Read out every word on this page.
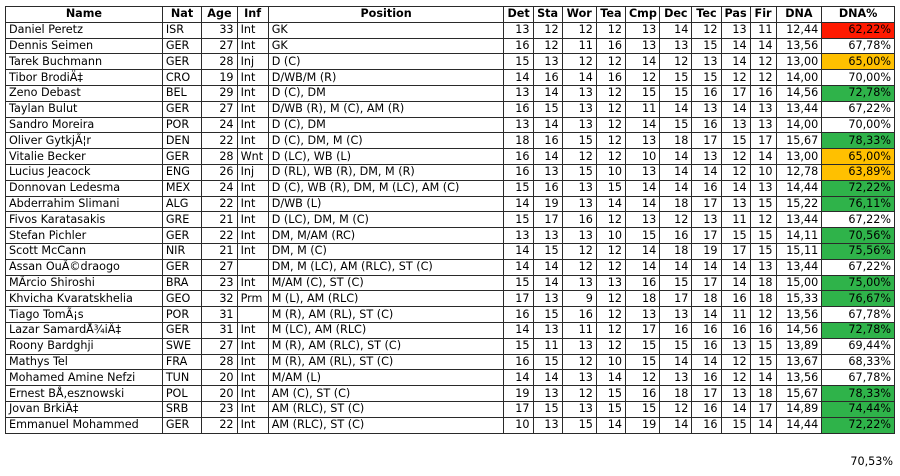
Name	Nat	Age	Inf	Position	Det	Sta	Wor	Tea	Cmp	Dec	Tec	Pas	Fir	DNA	DNA%
Daniel Peretz	ISR	33	Int	GK	13	12	12	12	13	14	12	13	11	12,44	62,22%
Dennis Seimen	GER	27	Int	GK	16	12	11	16	13	13	15	14	14	13,56	67,78%
Tarek Buchmann	GER	28	Inj	D (C)	15	13	12	12	14	12	13	14	12	13,00	65,00%
Tibor BrodiÄ‡	CRO	19	Int	D/WB/M (R)	14	16	14	16	12	15	15	12	12	14,00	70,00%
Zeno Debast	BEL	29	Int	D (C), DM	13	14	13	12	15	15	16	17	16	14,56	72,78%
Taylan Bulut	GER	27	Int	D/WB (R), M (C), AM (R)	16	15	13	12	11	14	13	14	13	13,44	67,22%
Sandro Moreira	POR	24	Int	D (C), DM	13	14	13	12	14	15	16	13	13	14,00	70,00%
Oliver GytkjÃ¦r	DEN	22	Int	D (C), DM, M (C)	18	16	15	12	13	18	17	15	17	15,67	78,33%
Vitalie Becker	GER	28	Wnt	D (LC), WB (L)	16	14	12	12	10	14	13	12	14	13,00	65,00%
Lucius Jeacock	ENG	26	Inj	D (RL), WB (R), DM, M (R)	16	13	15	10	13	14	14	12	10	12,78	63,89%
Donnovan Ledesma	MEX	24	Int	D (C), WB (R), DM, M (LC), AM (C)	15	16	13	15	14	14	16	14	13	14,44	72,22%
Abderrahim Slimani	ALG	22	Int	D/WB (L)	14	19	13	14	14	18	17	13	15	15,22	76,11%
Fivos Karatasakis	GRE	21	Int	D (LC), DM, M (C)	15	17	16	12	13	12	13	11	12	13,44	67,22%
Stefan Pichler	GER	22	Int	DM, M/AM (RC)	13	13	13	10	15	16	17	15	15	14,11	70,56%
Scott McCann	NIR	21	Int	DM, M (C)	14	15	12	12	14	18	19	17	15	15,11	75,56%
Assan OuÃ©draogo	GER	27		DM, M (LC), AM (RLC), ST (C)	14	14	12	12	14	14	14	14	13	13,44	67,22%
MÃrcio Shiroshi	BRA	23	Int	M/AM (C), ST (C)	15	14	13	13	16	15	17	14	18	15,00	75,00%
Khvicha Kvaratskhelia	GEO	32	Prm	M (L), AM (RLC)	17	13	9	12	18	17	18	16	18	15,33	76,67%
Tiago TomÃ¡s	POR	31		M (R), AM (RL), ST (C)	16	15	16	12	13	13	14	11	12	13,56	67,78%
Lazar SamardÅ¾iÄ‡	GER	31	Int	M (LC), AM (RLC)	14	13	11	12	17	16	16	16	16	14,56	72,78%
Roony Bardghji	SWE	27	Int	M (R), AM (RLC), ST (C)	15	11	13	12	15	15	16	13	15	13,89	69,44%
Mathys Tel	FRA	28	Int	M (R), AM (RL), ST (C)	16	15	12	10	15	14	14	12	15	13,67	68,33%
Mohamed Amine Nefzi	TUN	20	Int	M/AM (L)	14	14	13	14	12	13	16	12	14	13,56	67,78%
Ernest BÅ‚esznowski	POL	20	Int	AM (C), ST (C)	19	13	12	15	16	18	17	13	18	15,67	78,33%
Jovan BrkiÄ‡	SRB	23	Int	AM (RLC), ST (C)	17	15	13	15	15	12	16	14	17	14,89	74,44%
Emmanuel Mohammed	GER	22	Int	AM (RLC), ST (C)	10	13	15	14	19	14	16	15	14	14,44	72,22%
70,53%
